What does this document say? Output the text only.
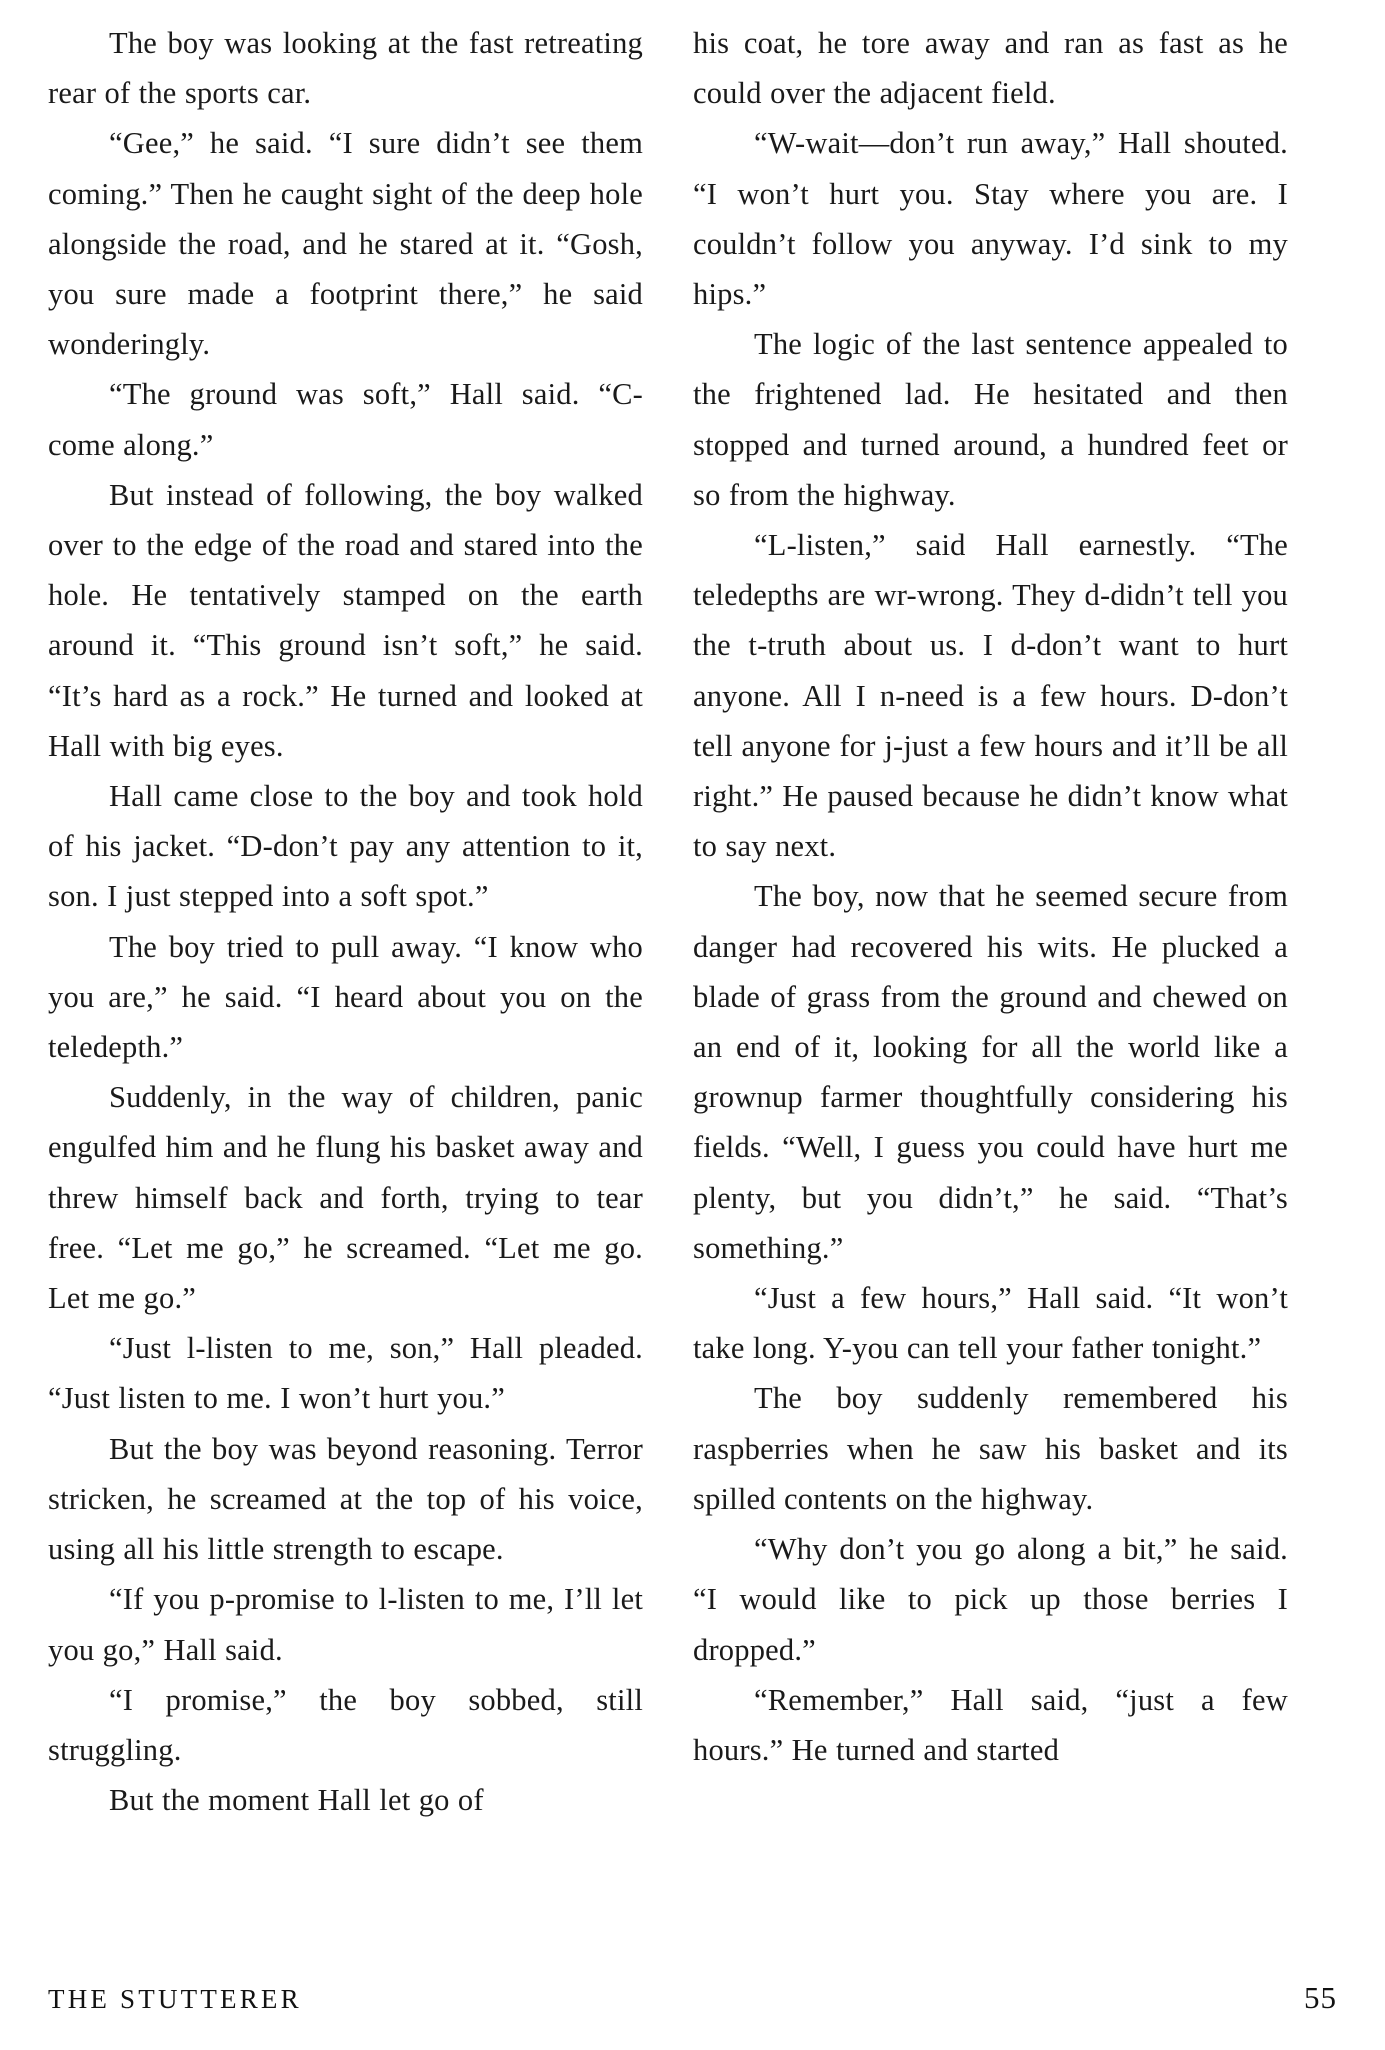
The boy was looking at the fast retreating rear of the sports car.

“Gee,” he said. “I sure didn’t see them coming.” Then he caught sight of the deep hole alongside the road, and he stared at it. “Gosh, you sure made a footprint there,” he said wonderingly.

“The ground was soft,” Hall said. “C-come along.”

But instead of following, the boy walked over to the edge of the road and stared into the hole. He tentatively stamped on the earth around it. “This ground isn’t soft,” he said. “It’s hard as a rock.” He turned and looked at Hall with big eyes.

Hall came close to the boy and took hold of his jacket. “D-don’t pay any attention to it, son. I just stepped into a soft spot.”

The boy tried to pull away. “I know who you are,” he said. “I heard about you on the teledepth.”

Suddenly, in the way of children, panic engulfed him and he flung his basket away and threw himself back and forth, trying to tear free. “Let me go,” he screamed. “Let me go. Let me go.”

“Just l-listen to me, son,” Hall pleaded. “Just listen to me. I won’t hurt you.”

But the boy was beyond reasoning. Terror stricken, he screamed at the top of his voice, using all his little strength to escape.

“If you p-promise to l-listen to me, I’ll let you go,” Hall said.

“I promise,” the boy sobbed, still struggling.

But the moment Hall let go of

his coat, he tore away and ran as fast as he could over the adjacent field.

“W-wait—don’t run away,” Hall shouted. “I won’t hurt you. Stay where you are. I couldn’t follow you anyway. I’d sink to my hips.”

The logic of the last sentence appealed to the frightened lad. He hesitated and then stopped and turned around, a hundred feet or so from the highway.

“L-listen,” said Hall earnestly. “The teledepths are wr-wrong. They d-didn’t tell you the t-truth about us. I d-don’t want to hurt anyone. All I n-need is a few hours. D-don’t tell anyone for j-just a few hours and it’ll be all right.” He paused because he didn’t know what to say next.

The boy, now that he seemed secure from danger had recovered his wits. He plucked a blade of grass from the ground and chewed on an end of it, looking for all the world like a grownup farmer thoughtfully considering his fields. “Well, I guess you could have hurt me plenty, but you didn’t,” he said. “That’s something.”

“Just a few hours,” Hall said. “It won’t take long. Y-you can tell your father tonight.”

The boy suddenly remembered his raspberries when he saw his basket and its spilled contents on the highway.

“Why don’t you go along a bit,” he said. “I would like to pick up those berries I dropped.”

“Remember,” Hall said, “just a few hours.” He turned and started

THE STUTTERER	55
